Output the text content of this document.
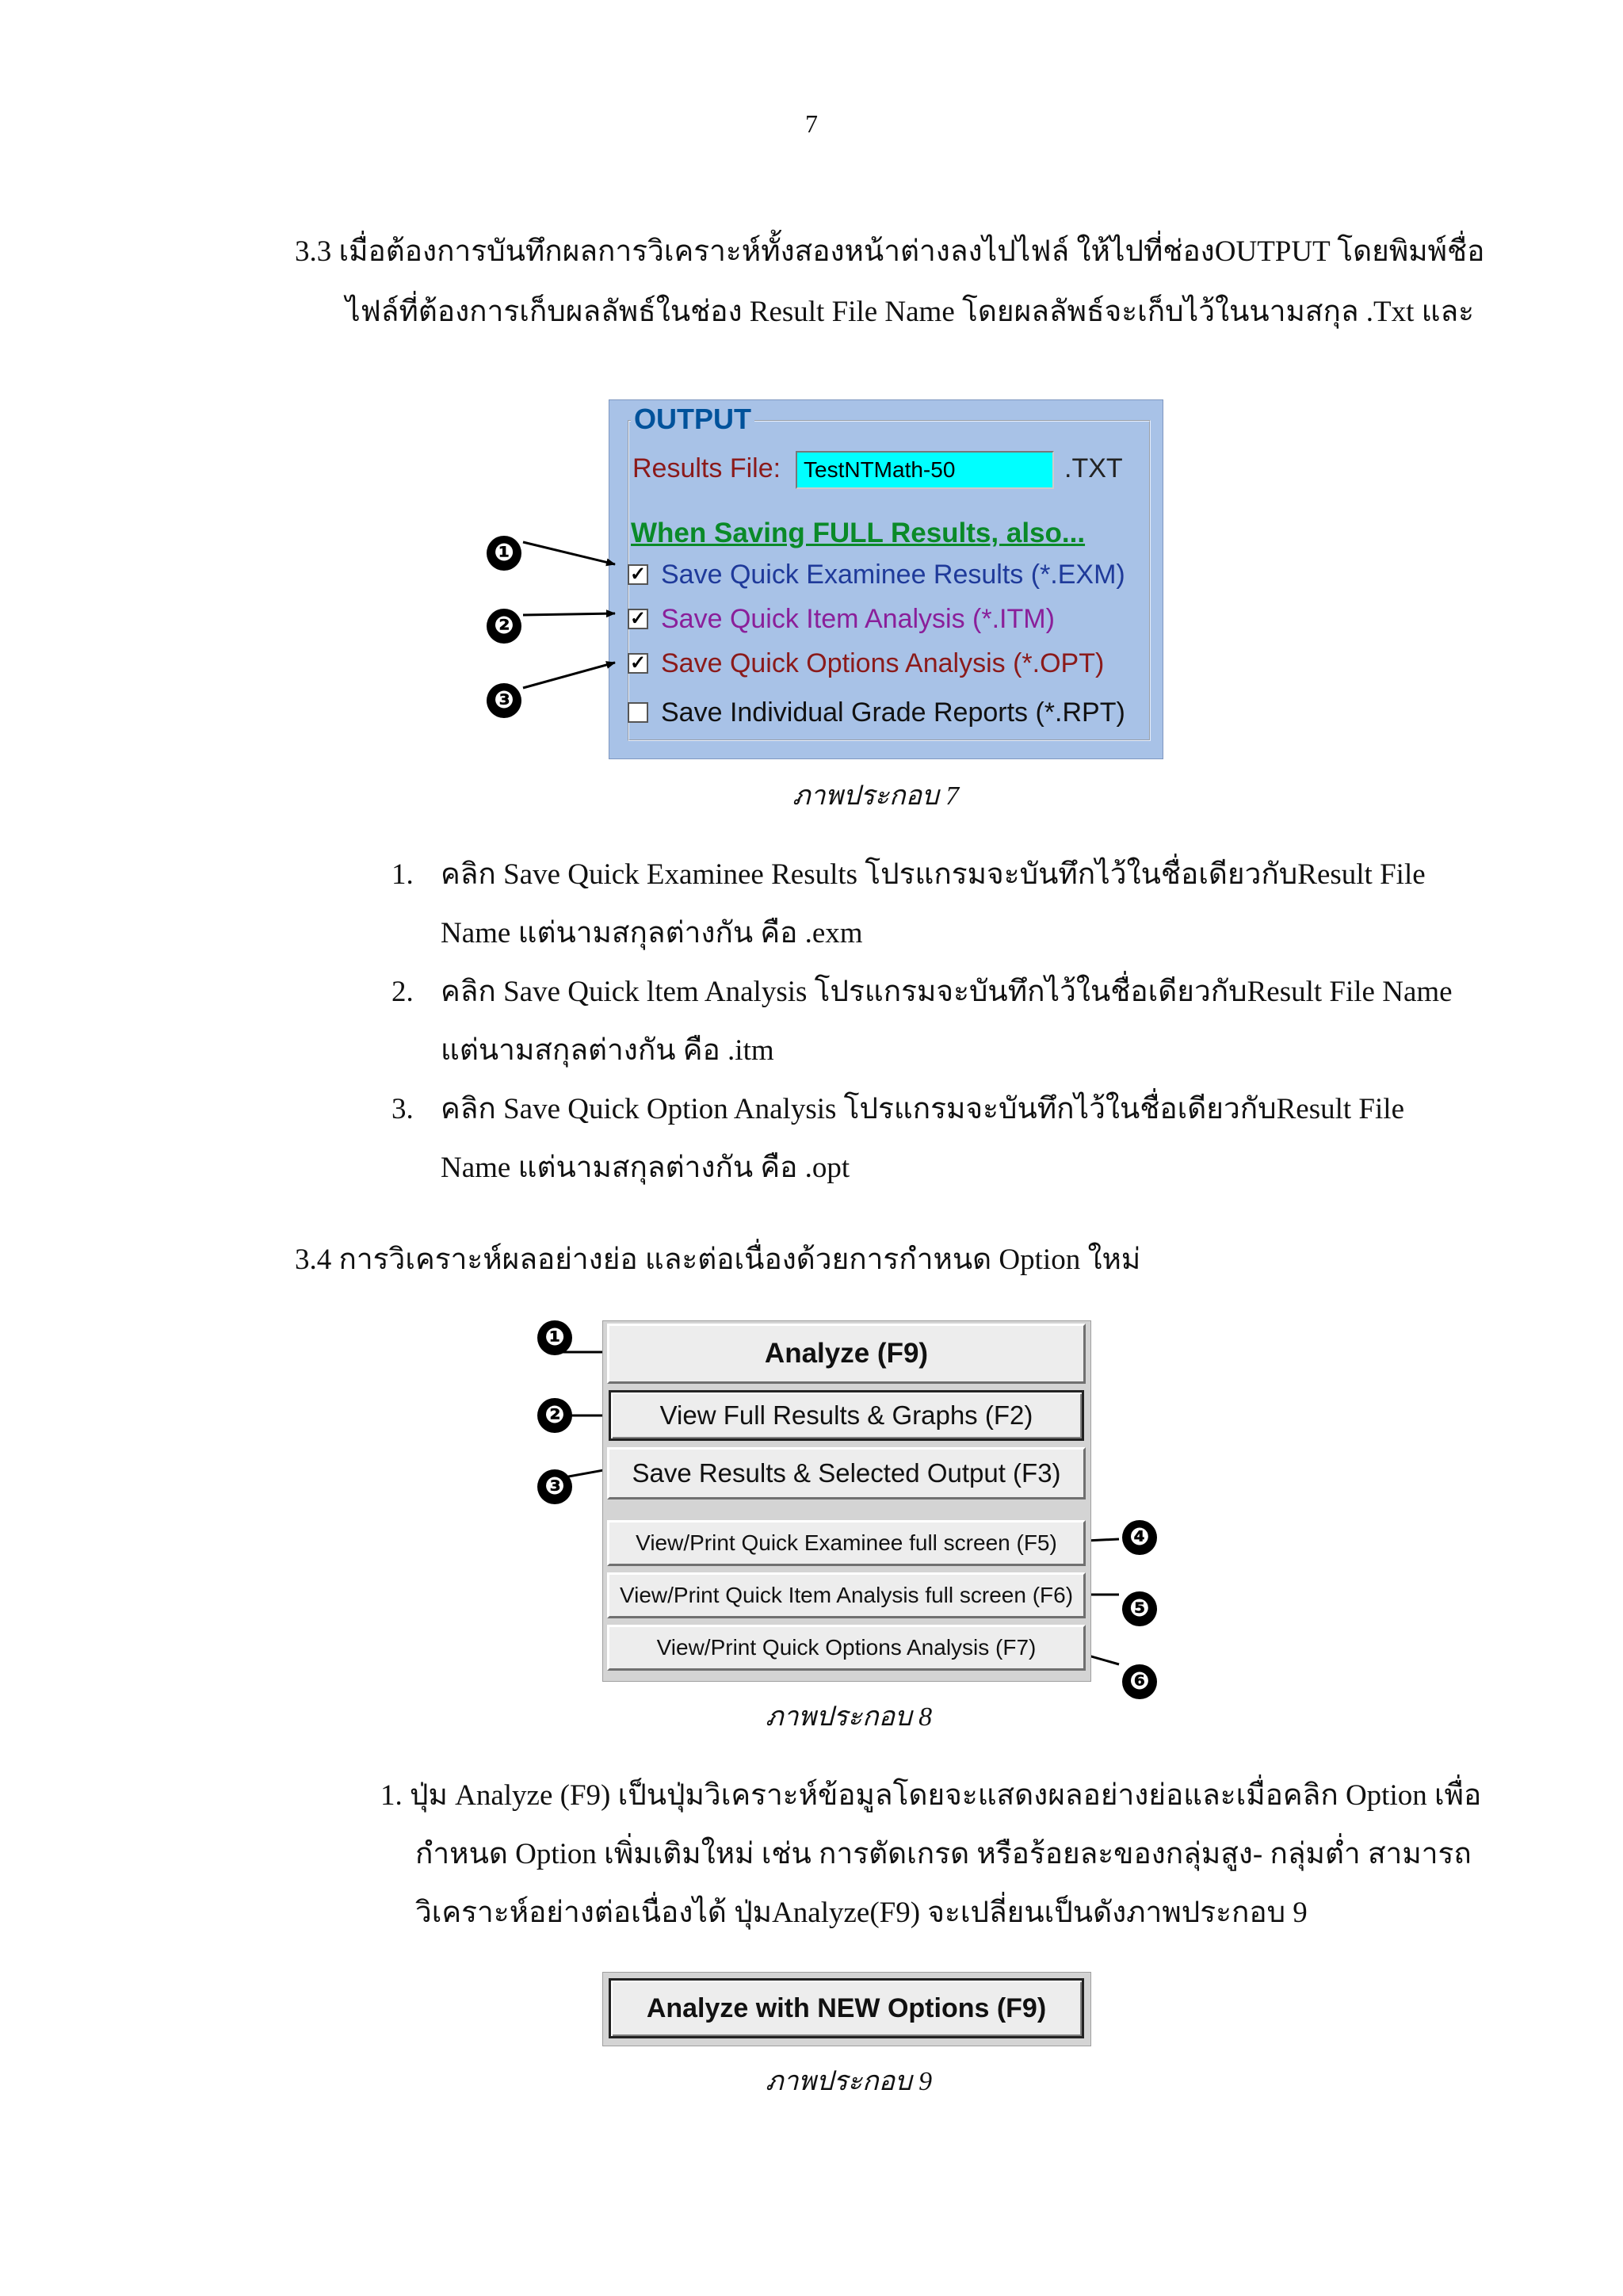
7
3.3 เมื่อต้องการบันทึกผลการวิเคราะห์ทั้งสองหน้าต่างลงไปไฟล์ ให้ไปที่ช่องOUTPUT โดยพิมพ์ชื่อ
ไฟล์ที่ต้องการเก็บผลลัพธ์ในช่อง Result File Name โดยผลลัพธ์จะเก็บไว้ในนามสกุล .Txt และ
OUTPUT
Results File:	TestNTMath-50	.TXT
When Saving FULL Results, also...
✓ Save Quick Examinee Results (*.EXM)
✓ Save Quick Item Analysis (*.ITM)
✓ Save Quick Options Analysis (*.OPT)
Save Individual Grade Reports (*.RPT)
❶
❷
❸
ภาพประกอบ 7
1. คลิก Save Quick Examinee Results โปรแกรมจะบันทึกไว้ในชื่อเดียวกับResult File
Name แต่นามสกุลต่างกัน คือ .exm
2. คลิก Save Quick ltem Analysis โปรแกรมจะบันทึกไว้ในชื่อเดียวกับResult File Name
แต่นามสกุลต่างกัน คือ .itm
3. คลิก Save Quick Option Analysis โปรแกรมจะบันทึกไว้ในชื่อเดียวกับResult File
Name แต่นามสกุลต่างกัน คือ .opt
3.4 การวิเคราะห์ผลอย่างย่อ และต่อเนื่องด้วยการกำหนด Option ใหม่
Analyze (F9)
View Full Results & Graphs (F2)
Save Results & Selected Output (F3)
View/Print Quick Examinee full screen (F5)
View/Print Quick Item Analysis full screen (F6)
View/Print Quick Options Analysis (F7)
❶
❷
❸
❹
❺
❻
ภาพประกอบ 8
1. ปุ่ม Analyze (F9) เป็นปุ่มวิเคราะห์ข้อมูลโดยจะแสดงผลอย่างย่อและเมื่อคลิก Option เพื่อ
กำหนด Option เพิ่มเติมใหม่ เช่น การตัดเกรด หรือร้อยละของกลุ่มสูง- กลุ่มต่ำ สามารถ
วิเคราะห์อย่างต่อเนื่องได้ ปุ่มAnalyze(F9) จะเปลี่ยนเป็นดังภาพประกอบ 9
Analyze with NEW Options (F9)
ภาพประกอบ 9
